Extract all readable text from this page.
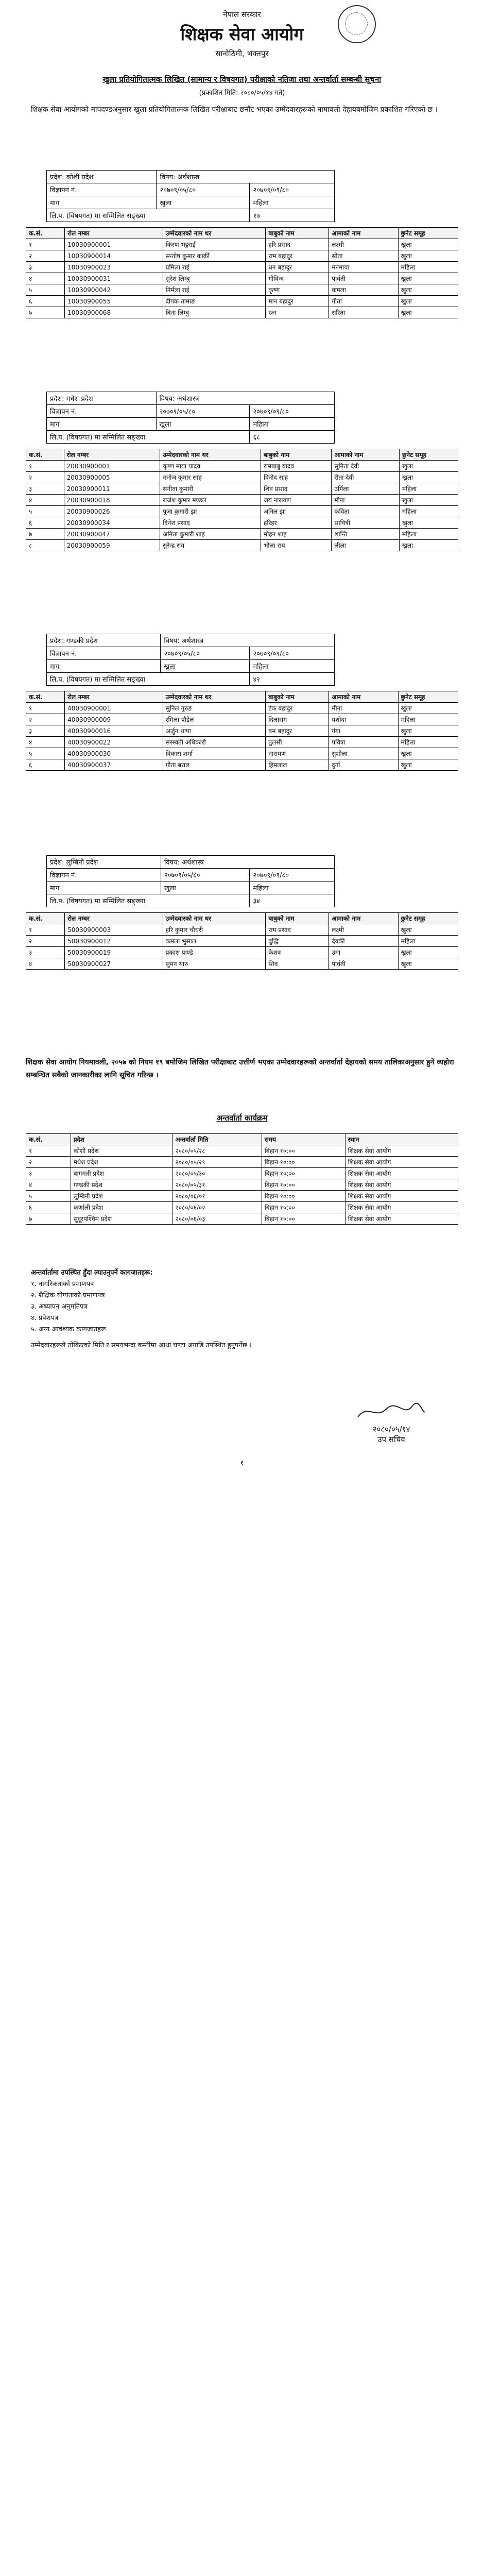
नेपाल सरकार
शिक्षक सेवा आयोग
सानोठिमी, भक्तपुर
खुला प्रतियोगितात्मक लिखित (सामान्य र विषयगत) परीक्षाको नतिजा तथा अन्तर्वार्ता सम्बन्धी सूचना
(प्रकाशित मिति: २०८०/०५/१४ गते)
शिक्षक सेवा आयोगको मापदण्डअनुसार खुला प्रतियोगितात्मक लिखित परीक्षाबाट छनौट भएका उम्मेदवारहरूको नामावली देहायबमोजिम प्रकाशित गरिएको छ ।
प्रदेश: कोशी प्रदेश	विषय: अर्थशास्त्र	
विज्ञापन नं.	२०७०९/०५/८०	२०७०९/०९/८०
माग	खुला	महिला
लि.प. (विषयगत) मा सम्मिलित सङ्ख्या		१७
क.सं.	रोल नम्बर	उम्मेदवारको नाम थर	बाबुको नाम	आमाको नाम	छुनेट समूह
१	10030900001	किरण भट्टराई	हरि प्रसाद	लक्ष्मी	खुला
२	10030900014	सन्तोष कुमार कार्की	राम बहादुर	सीता	खुला
३	10030900023	प्रमिला राई	धन बहादुर	मनमाया	महिला
४	10030900031	सुरेश लिम्बु	गोविन्द	पार्वती	खुला
५	10030900042	निर्मला राई	कृष्ण	कमला	खुला
६	10030900055	दीपक तामाङ	मान बहादुर	गीता	खुला
७	10030900068	बिना लिम्बु	रत्न	सरिता	खुला
प्रदेश: मधेश प्रदेश	विषय: अर्थशास्त्र	
विज्ञापन नं.	२०७०९/०५/८०	२०७०९/०९/८०
माग	खुला	महिला
लि.प. (विषयगत) मा सम्मिलित सङ्ख्या		६८
क.सं.	रोल नम्बर	उम्मेदवारको नाम थर	बाबुको नाम	आमाको नाम	छुनेट समूह
१	20030900001	कृष्ण माया यादव	रामबाबु यादव	सुनिता देवी	खुला
२	20030900005	मनोज कुमार साह	विनोद साह	रीता देवी	खुला
३	20030900011	संगीता कुमारी	शिव प्रसाद	उर्मिला	महिला
४	20030900018	राजेश कुमार मण्डल	जय नारायण	मीना	खुला
५	20030900026	पूजा कुमारी झा	अनिल झा	कविता	महिला
६	20030900034	दिनेश प्रसाद	हरिहर	सावित्री	खुला
७	20030900047	अनिता कुमारी शाह	मोहन शाह	शान्ति	महिला
८	20030900059	सुरेन्द्र राय	भोला राय	लीला	खुला
प्रदेश: गण्डकी प्रदेश	विषय: अर्थशास्त्र	
विज्ञापन नं.	२०७०९/०५/८०	२०७०९/०९/८०
माग	खुला	महिला
लि.प. (विषयगत) मा सम्मिलित सङ्ख्या		४२
क.सं.	रोल नम्बर	उम्मेदवारको नाम थर	बाबुको नाम	आमाको नाम	छुनेट समूह
१	40030900001	सुनिल गुरुङ	टेक बहादुर	मीना	खुला
२	40030900009	रमिला पौडेल	दिलाराम	यशोदा	महिला
३	40030900016	अर्जुन थापा	बम बहादुर	गंगा	खुला
४	40030900022	सरस्वती अधिकारी	तुलसी	पवित्रा	महिला
५	40030900030	विकास शर्मा	नारायण	सुशीला	खुला
६	40030900037	गीता बराल	हिमलाल	दुर्गा	खुला
प्रदेश: लुम्बिनी प्रदेश	विषय: अर्थशास्त्र	
विज्ञापन नं.	२०७०९/०५/८०	२०७०९/०९/८०
माग	खुला	महिला
लि.प. (विषयगत) मा सम्मिलित सङ्ख्या		३४
क.सं.	रोल नम्बर	उम्मेदवारको नाम थर	बाबुको नाम	आमाको नाम	छुनेट समूह
१	50030900003	हरि कुमार चौधरी	राम प्रसाद	लक्ष्मी	खुला
२	50030900012	कमला भुसाल	बुद्धि	देवकी	महिला
३	50030900019	प्रकाश पाण्डे	केशव	उमा	खुला
४	50030900027	सुमन थारु	शिव	पार्वती	खुला
शिक्षक सेवा आयोग नियमावली, २०५७ को नियम १९ बमोजिम लिखित परीक्षाबाट उत्तीर्ण भएका उम्मेदवारहरूको अन्तर्वार्ता देहायको समय तालिकाअनुसार हुने व्यहोरा सम्बन्धित सबैको जानकारीका लागि सूचित गरिन्छ ।
अन्तर्वार्ता कार्यक्रम
क.सं.	प्रदेश	अन्तर्वार्ता मिति	समय	स्थान
१	कोशी प्रदेश	२०८०/०५/२८	बिहान १०:००	शिक्षक सेवा आयोग
२	मधेश प्रदेश	२०८०/०५/२९	बिहान १०:००	शिक्षक सेवा आयोग
३	बागमती प्रदेश	२०८०/०५/३०	बिहान १०:००	शिक्षक सेवा आयोग
४	गण्डकी प्रदेश	२०८०/०५/३१	बिहान १०:००	शिक्षक सेवा आयोग
५	लुम्बिनी प्रदेश	२०८०/०६/०१	बिहान १०:००	शिक्षक सेवा आयोग
६	कर्णाली प्रदेश	२०८०/०६/०२	बिहान १०:००	शिक्षक सेवा आयोग
७	सुदूरपश्चिम प्रदेश	२०८०/०६/०३	बिहान १०:००	शिक्षक सेवा आयोग
अन्तर्वार्तामा उपस्थित हुँदा ल्याउनुपर्ने कागजातहरू:
१. नागरिकताको प्रमाणपत्र
२. शैक्षिक योग्यताको प्रमाणपत्र
३. अध्यापन अनुमतिपत्र
४. प्रवेशपत्र
५. अन्य आवश्यक कागजातहरू
उम्मेदवारहरूले तोकिएको मिति र समयभन्दा कम्तीमा आधा घण्टा अगाडि उपस्थित हुनुपर्नेछ ।
२०८०/०५/१४
उप सचिव
१
